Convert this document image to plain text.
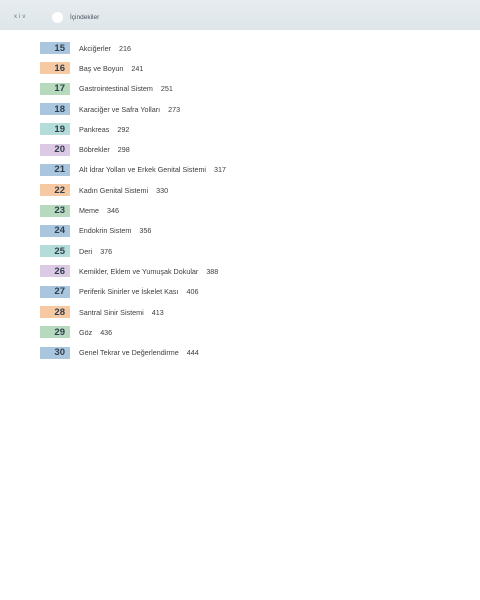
xiv	İçindekiler
15	Akciğerler 216
16	Baş ve Boyun 241
17	Gastrointestinal Sistem 251
18	Karaciğer ve Safra Yolları 273
19	Pankreas 292
20	Böbrekler 298
21	Alt İdrar Yolları ve Erkek Genital Sistemi 317
22	Kadın Genital Sistemi 330
23	Meme 346
24	Endokrin Sistem 356
25	Deri 376
26	Kemikler, Eklem ve Yumuşak Dokular 388
27	Periferik Sinirler ve İskelet Kası 406
28	Santral Sinir Sistemi 413
29	Göz 436
30	Genel Tekrar ve Değerlendirme 444
